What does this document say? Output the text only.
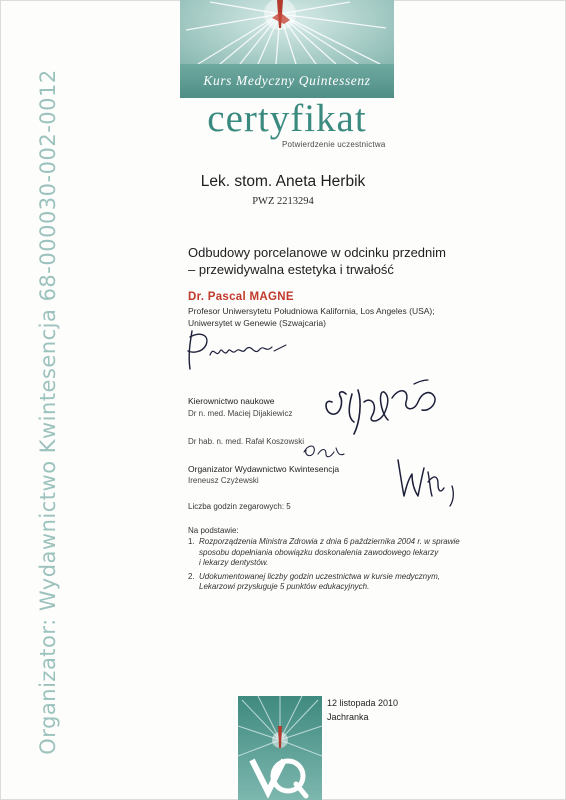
Organizator: Wydawnictwo Kwintesencja 68-000030-002-0012	Kurs Medyczny Quintessenz
certyfikat
Potwierdzenie uczestnictwa
Lek. stom. Aneta Herbik
PWZ 2213294
Odbudowy porcelanowe w odcinku przednim
– przewidywalna estetyka i trwałość
Dr. Pascal MAGNE
Profesor Uniwersytetu Południowa Kalifornia, Los Angeles (USA);
Uniwersytet w Genewie (Szwajcaria)
Kierownictwo naukowe
Dr n. med. Maciej Dijakiewicz
Dr hab. n. med. Rafał Koszowski
Organizator Wydawnictwo Kwintesencja
Ireneusz Czyżewski
Liczba godzin zegarowych: 5
Na podstawie:
1. Rozporządzenia Ministra Zdrowia z dnia 6 października 2004 r. w sprawie
sposobu dopełniania obowiązku doskonalenia zawodowego lekarzy
i lekarzy dentystów.
2. Udokumentowanej liczby godzin uczestnictwa w kursie medycznym,
Lekarzowi przysługuje 5 punktów edukacyjnych.
12 listopada 2010
Jachranka
